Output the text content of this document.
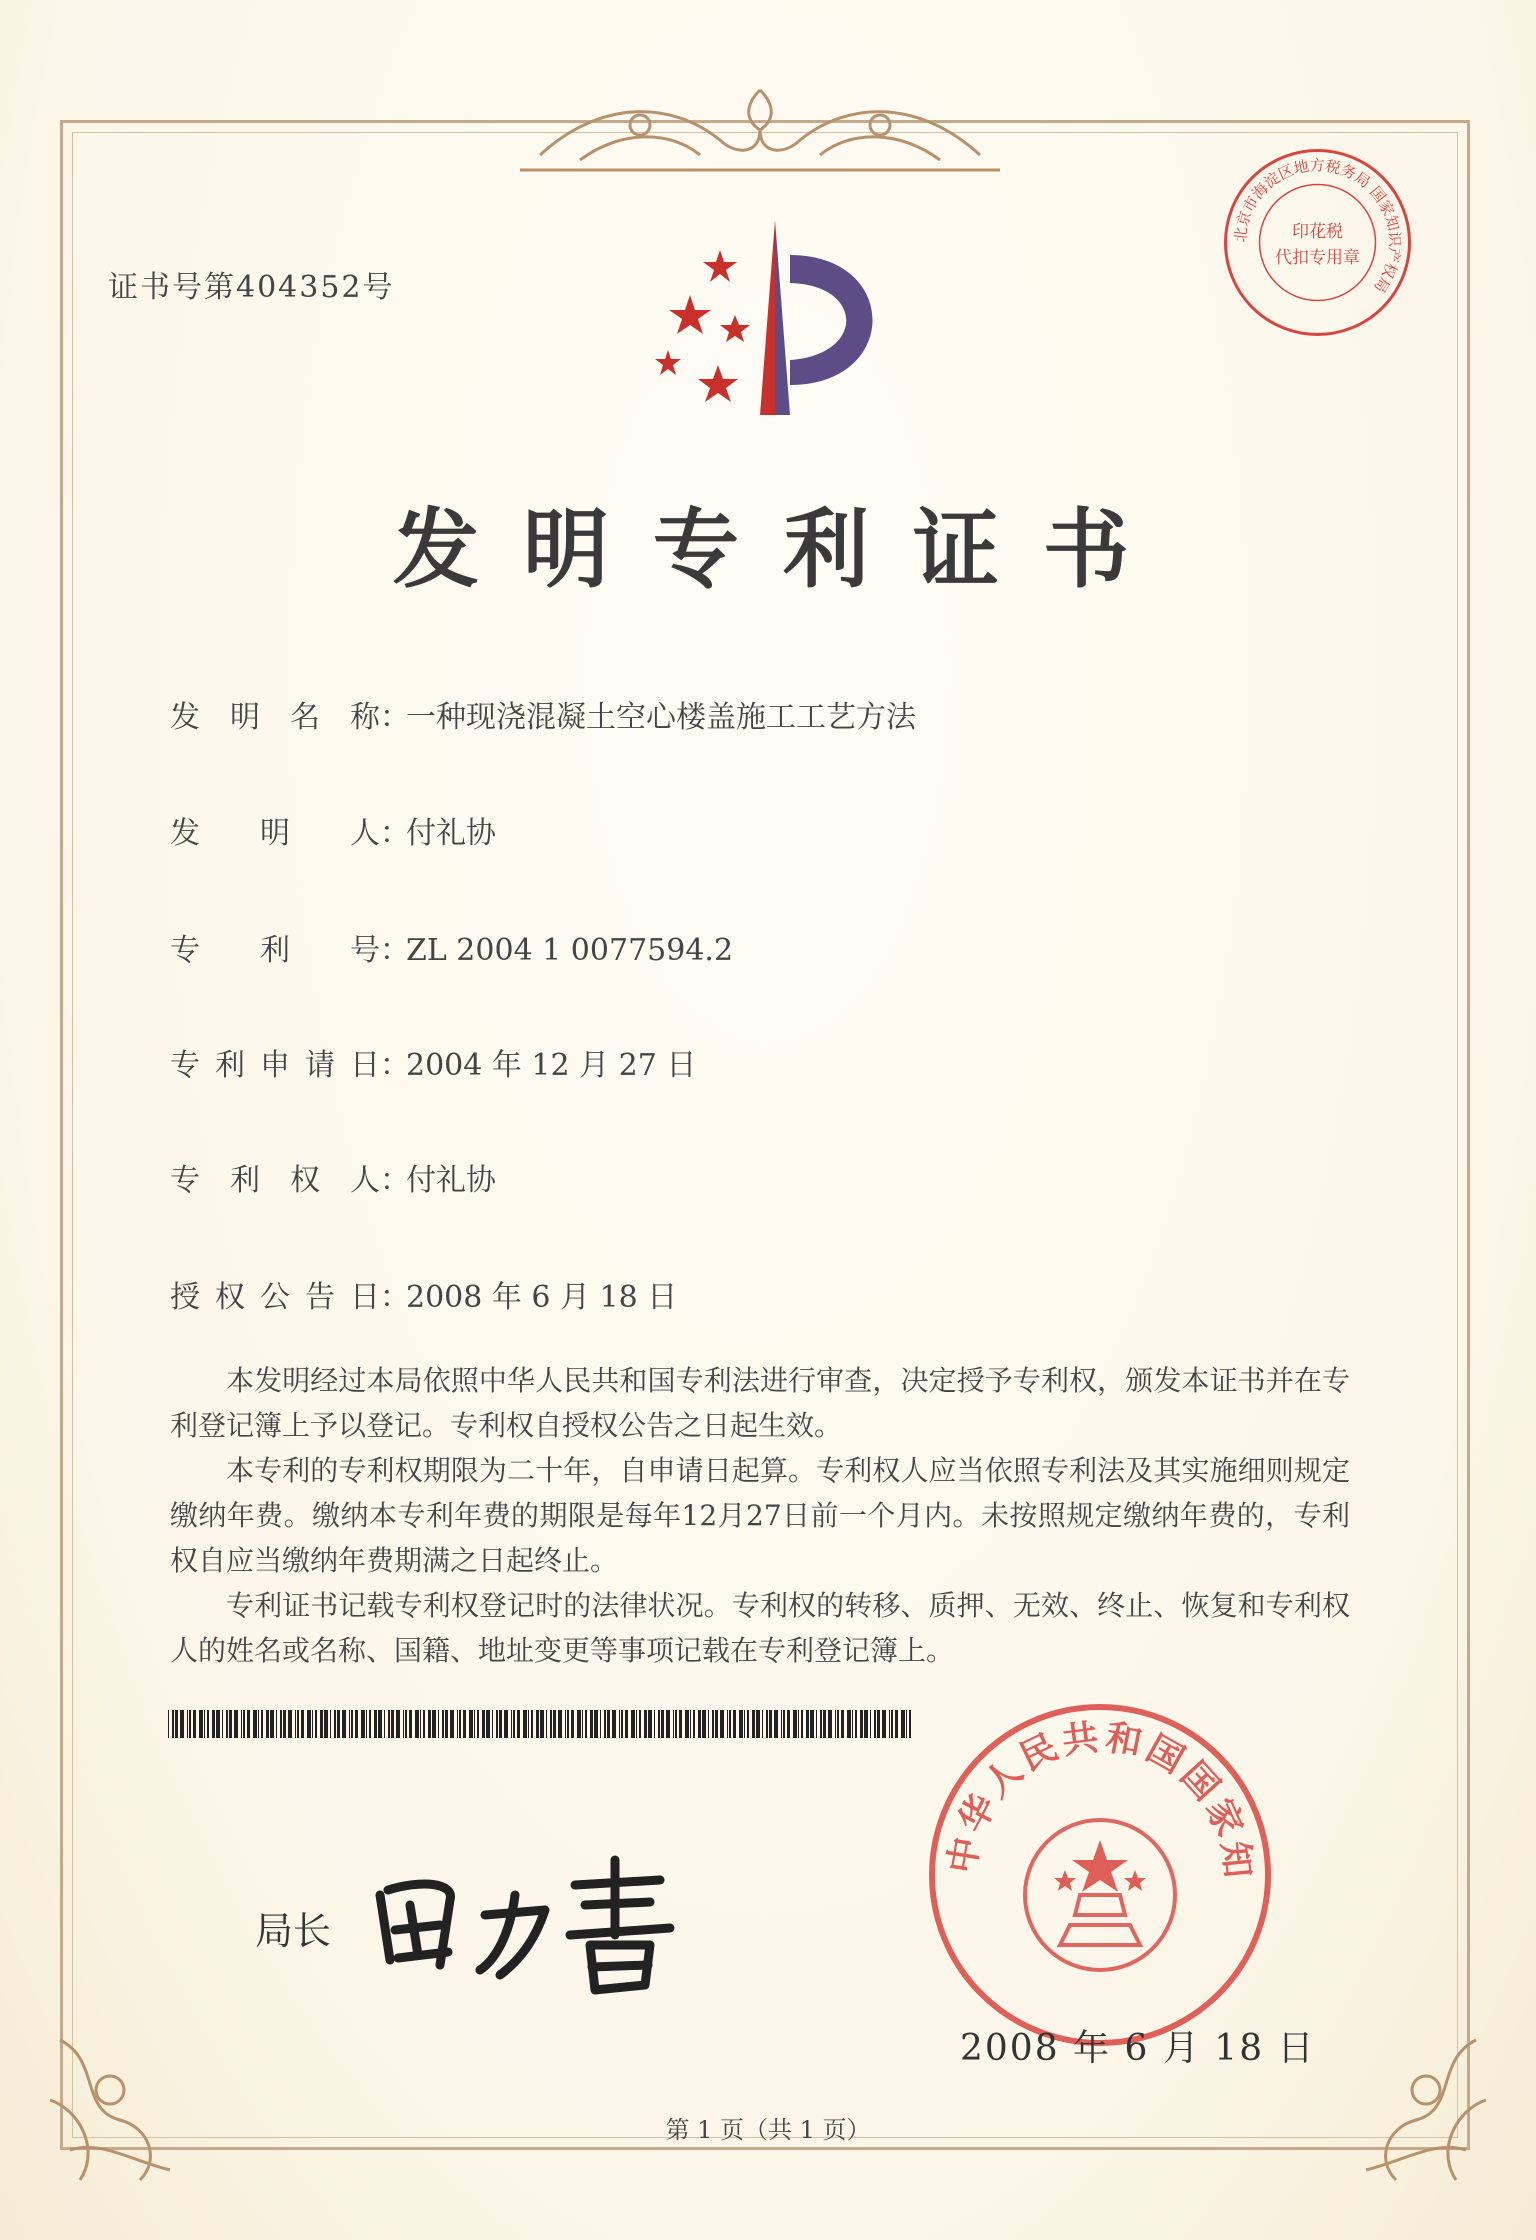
证书号第404352号
北京市海淀区地方税务局 国家知识产权局
印花税
代扣专用章
发明专利证书
发明名称：一种现浇混凝土空心楼盖施工工艺方法
发明人：付礼协
专利号：ZL 2004 1 0077594.2
专利申请日：2004 年 12 月 27 日
专利权人：付礼协
授权公告日：2008 年 6 月 18 日
本发明经过本局依照中华人民共和国专利法进行审查，决定授予专利权，颁发本证书并在专利登记簿上予以登记。专利权自授权公告之日起生效。
本专利的专利权期限为二十年，自申请日起算。专利权人应当依照专利法及其实施细则规定缴纳年费。缴纳本专利年费的期限是每年12月27日前一个月内。未按照规定缴纳年费的，专利权自应当缴纳年费期满之日起终止。
专利证书记载专利权登记时的法律状况。专利权的转移、质押、无效、终止、恢复和专利权人的姓名或名称、国籍、地址变更等事项记载在专利登记簿上。
局长
中华人民共和国国家知
2008 年 6 月 18 日
第 1 页（共 1 页）
